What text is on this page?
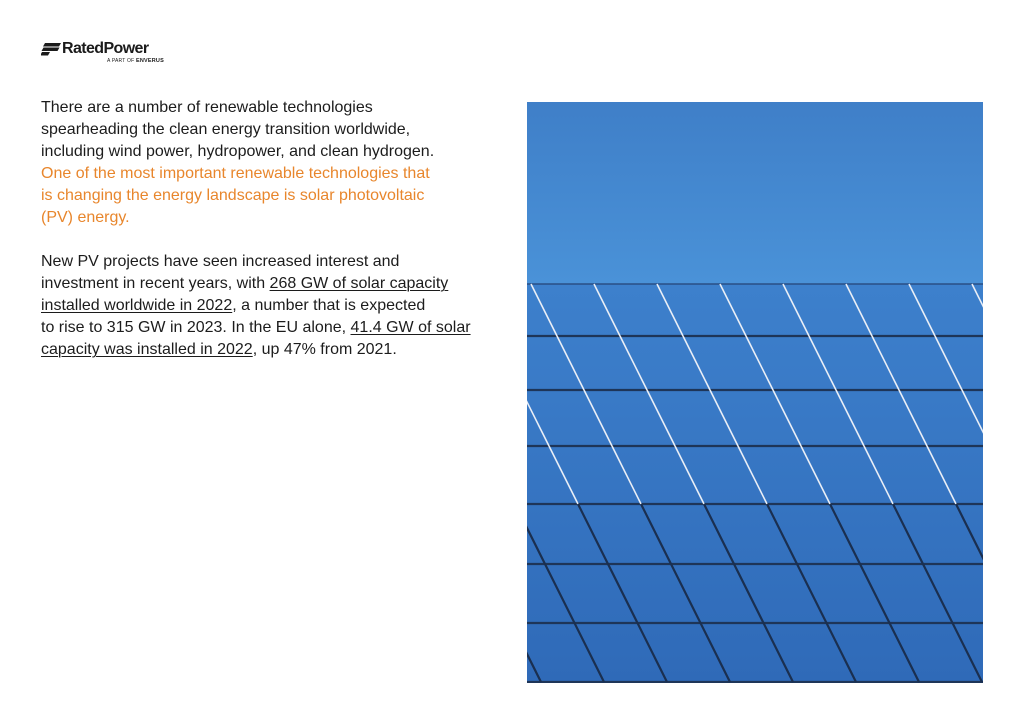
RatedPower
A PART OF ENVERUS

There are a number of renewable technologies
spearheading the clean energy transition worldwide,
including wind power, hydropower, and clean hydrogen.
One of the most important renewable technologies that
is changing the energy landscape is solar photovoltaic
(PV) energy.

New PV projects have seen increased interest and
investment in recent years, with 268 GW of solar capacity
installed worldwide in 2022, a number that is expected
to rise to 315 GW in 2023. In the EU alone, 41.4 GW of solar
capacity was installed in 2022, up 47% from 2021.
